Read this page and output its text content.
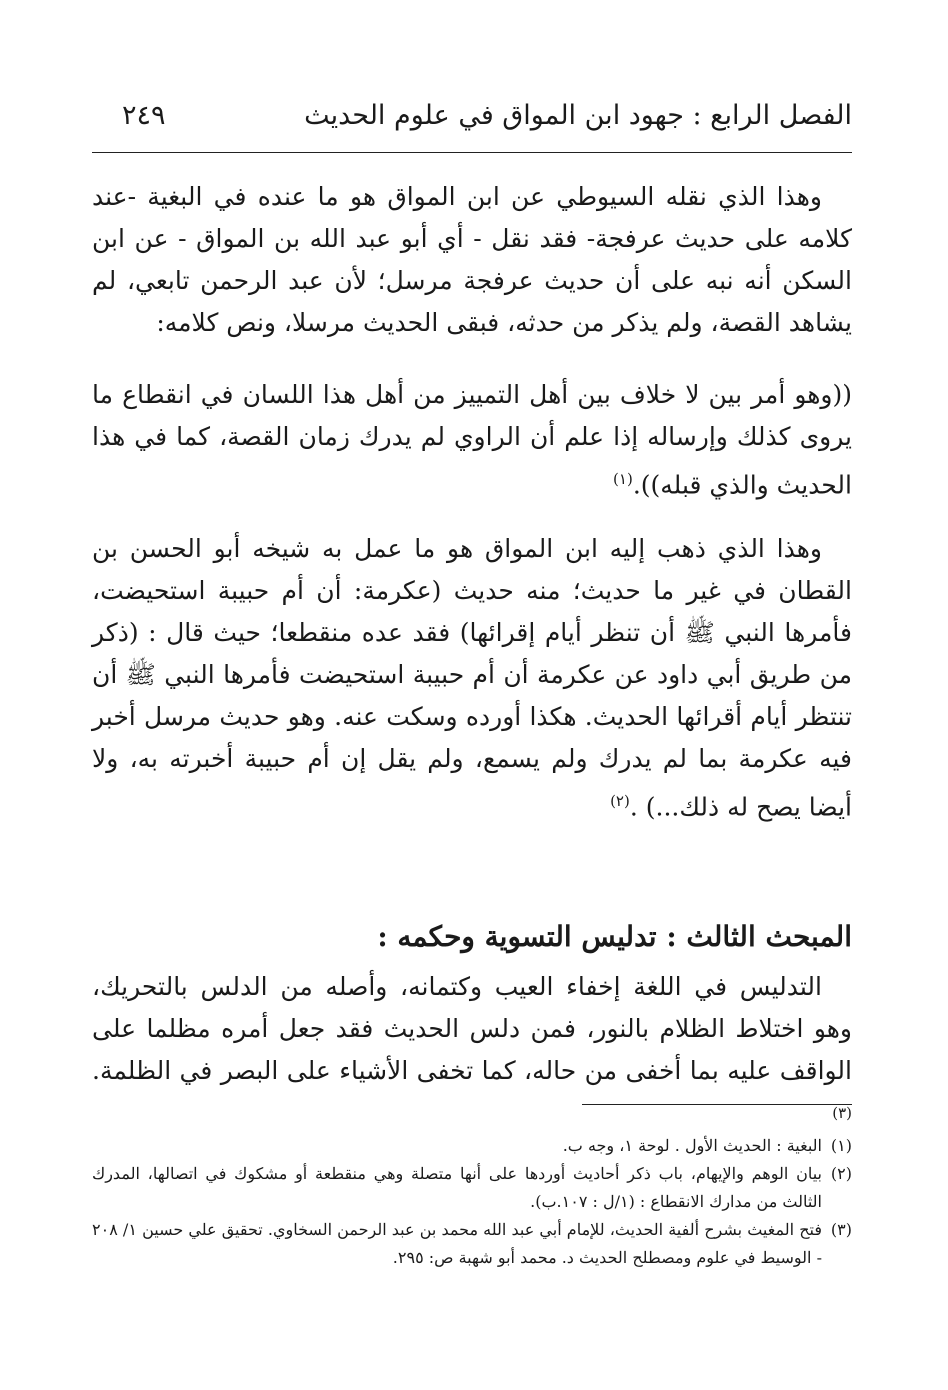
الفصل الرابع : جهود ابن المواق في علوم الحديث
٢٤٩
وهذا الذي نقله السيوطي عن ابن المواق هو ما عنده في البغية -عند كلامه على حديث عرفجة- فقد نقل - أي أبو عبد الله بن المواق - عن ابن السكن أنه نبه على أن حديث عرفجة مرسل؛ لأن عبد الرحمن تابعي، لم يشاهد القصة، ولم يذكر من حدثه، فبقى الحديث مرسلا، ونص كلامه:
((وهو أمر بين لا خلاف بين أهل التمييز من أهل هذا اللسان في انقطاع ما يروى كذلك وإرساله إذا علم أن الراوي لم يدرك زمان القصة، كما في هذا الحديث والذي قبله)).$^{(١)}$
وهذا الذي ذهب إليه ابن المواق هو ما عمل به شيخه أبو الحسن بن القطان في غير ما حديث؛ منه حديث (عكرمة: أن أم حبيبة استحيضت، فأمرها النبي ﷺ أن تنظر أيام إقرائها) فقد عده منقطعا؛ حيث قال : (ذكر من طريق أبي داود عن عكرمة أن أم حبيبة استحيضت فأمرها النبي ﷺ أن تنتظر أيام أقرائها الحديث. هكذا أورده وسكت عنه. وهو حديث مرسل أخبر فيه عكرمة بما لم يدرك ولم يسمع، ولم يقل إن أم حبيبة أخبرته به، ولا أيضا يصح له ذلك...) .$^{(٢)}$
المبحث الثالث : تدليس التسوية وحكمه :
التدليس في اللغة إخفاء العيب وكتمانه، وأصله من الدلس بالتحريك، وهو اختلاط الظلام بالنور، فمن دلس الحديث فقد جعل أمره مظلما على الواقف عليه بما أخفى من حاله، كما تخفى الأشياء على البصر في الظلمة.$^{(٣)}$
(١)
البغية : الحديث الأول . لوحة ١، وجه ب.
(٢)
بيان الوهم والإيهام، باب ذكر أحاديث أوردها على أنها متصلة وهي منقطعة أو مشكوك في اتصالها، المدرك الثالث من مدارك الانقطاع : (١/ل : ١٠٧.ب).
(٣)
فتح المغيث بشرح ألفية الحديث، للإمام أبي عبد الله محمد بن عبد الرحمن السخاوي. تحقيق علي حسين ١/ ٢٠٨ - الوسيط في علوم ومصطلح الحديث د. محمد أبو شهبة ص: ٢٩٥.
